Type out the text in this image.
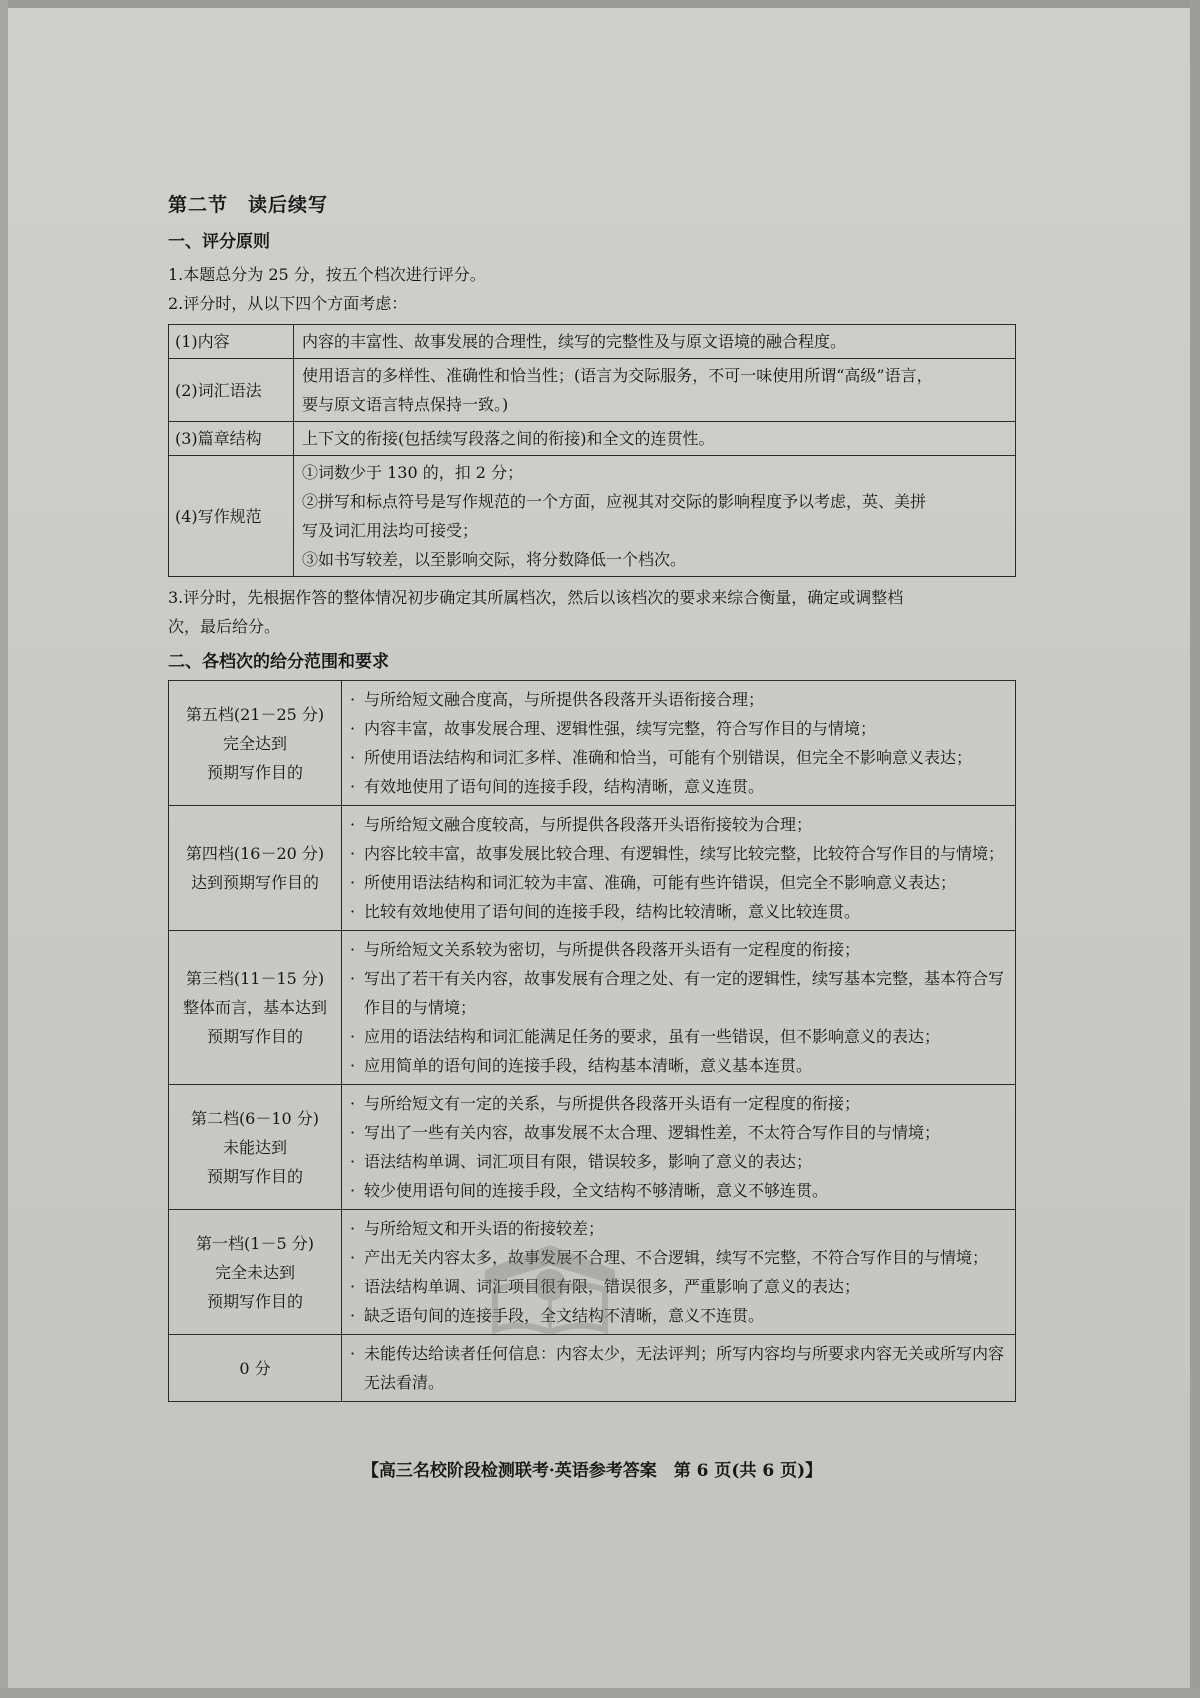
第二节　读后续写
一、评分原则

1.本题总分为 25 分，按五个档次进行评分。

2.评分时，从以下四个方面考虑：

(1)内容	内容的丰富性、故事发展的合理性，续写的完整性及与原文语境的融合程度。

(2)词汇语法	使用语言的多样性、准确性和恰当性；(语言为交际服务，不可一味使用所谓“高级”语言，
要与原文语言特点保持一致。)

(3)篇章结构	上下文的衔接(包括续写段落之间的衔接)和全文的连贯性。

(4)写作规范	①词数少于 130 的，扣 2 分；
②拼写和标点符号是写作规范的一个方面，应视其对交际的影响程度予以考虑，英、美拼
写及词汇用法均可接受；
③如书写较差，以至影响交际，将分数降低一个档次。

3.评分时，先根据作答的整体情况初步确定其所属档次，然后以该档次的要求来综合衡量，确定或调整档

次，最后给分。

二、各档次的给分范围和要求
第五档(21－25 分)
完全达到
预期写作目的	· 与所给短文融合度高，与所提供各段落开头语衔接合理；
· 内容丰富，故事发展合理、逻辑性强，续写完整，符合写作目的与情境；
· 所使用语法结构和词汇多样、准确和恰当，可能有个别错误，但完全不影响意义表达；
· 有效地使用了语句间的连接手段，结构清晰，意义连贯。

第四档(16－20 分)
达到预期写作目的	· 与所给短文融合度较高，与所提供各段落开头语衔接较为合理；
· 内容比较丰富，故事发展比较合理、有逻辑性，续写比较完整，比较符合写作目的与情境；
· 所使用语法结构和词汇较为丰富、准确，可能有些许错误，但完全不影响意义表达；
· 比较有效地使用了语句间的连接手段，结构比较清晰，意义比较连贯。

第三档(11－15 分)
整体而言，基本达到
预期写作目的	· 与所给短文关系较为密切，与所提供各段落开头语有一定程度的衔接；
· 写出了若干有关内容，故事发展有合理之处、有一定的逻辑性，续写基本完整，基本符合写作目的与情境；
· 应用的语法结构和词汇能满足任务的要求，虽有一些错误，但不影响意义的表达；
· 应用简单的语句间的连接手段，结构基本清晰，意义基本连贯。

第二档(6－10 分)
未能达到
预期写作目的	· 与所给短文有一定的关系，与所提供各段落开头语有一定程度的衔接；
· 写出了一些有关内容，故事发展不太合理、逻辑性差，不太符合写作目的与情境；
· 语法结构单调、词汇项目有限，错误较多，影响了意义的表达；
· 较少使用语句间的连接手段，全文结构不够清晰，意义不够连贯。

第一档(1－5 分)
完全未达到
预期写作目的	· 与所给短文和开头语的衔接较差；
· 产出无关内容太多，故事发展不合理、不合逻辑，续写不完整，不符合写作目的与情境；
· 语法结构单调、词汇项目很有限，错误很多，严重影响了意义的表达；
· 缺乏语句间的连接手段，全文结构不清晰，意义不连贯。

0 分	· 未能传达给读者任何信息：内容太少，无法评判；所写内容均与所要求内容无关或所写内容无法看清。
【高三名校阶段检测联考·英语参考答案　第 6 页(共 6 页)】
